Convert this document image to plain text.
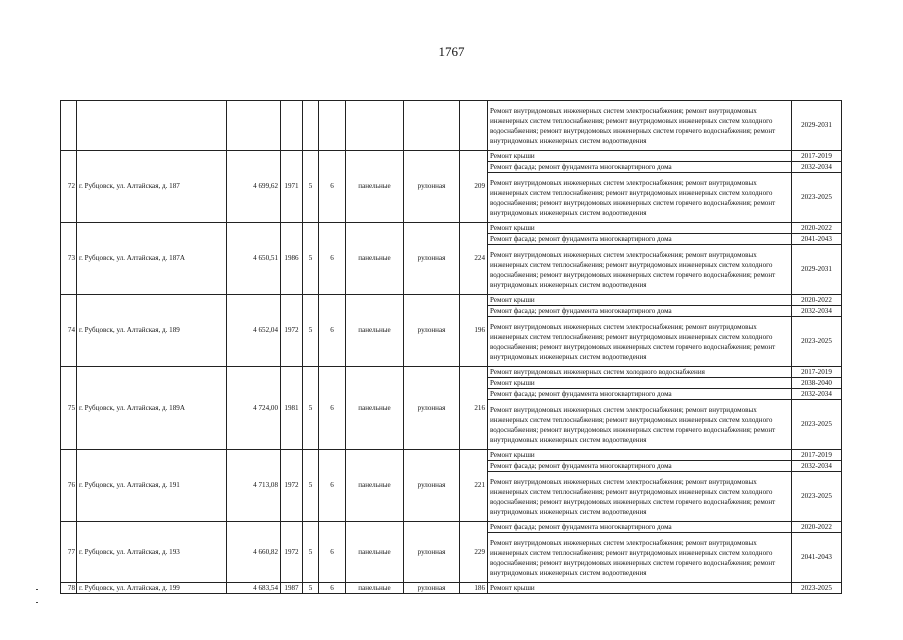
1767
									Ремонт внутридомовых инженерных систем электроснабжения; ремонт внутридомовых инженерных систем теплоснабжения; ремонт внутридомовых инженерных систем холодного водоснабжения; ремонт внутридомовых инженерных систем горячего водоснабжения; ремонт внутридомовых инженерных систем водоотведения	2029-2031
72	г. Рубцовск, ул. Алтайская, д. 187	4 699,62	1971	5	6	панельные	рулонная	209	Ремонт крыши	2017-2019
									Ремонт фасада; ремонт фундамента многоквартирного дома	2032-2034
									Ремонт внутридомовых инженерных систем электроснабжения; ремонт внутридомовых инженерных систем теплоснабжения; ремонт внутридомовых инженерных систем холодного водоснабжения; ремонт внутридомовых инженерных систем горячего водоснабжения; ремонт внутридомовых инженерных систем водоотведения	2023-2025
73	г. Рубцовск, ул. Алтайская, д. 187А	4 650,51	1986	5	6	панельные	рулонная	224	Ремонт крыши	2020-2022
									Ремонт фасада; ремонт фундамента многоквартирного дома	2041-2043
									Ремонт внутридомовых инженерных систем электроснабжения; ремонт внутридомовых инженерных систем теплоснабжения; ремонт внутридомовых инженерных систем холодного водоснабжения; ремонт внутридомовых инженерных систем горячего водоснабжения; ремонт внутридомовых инженерных систем водоотведения	2029-2031
74	г. Рубцовск, ул. Алтайская, д. 189	4 652,04	1972	5	6	панельные	рулонная	196	Ремонт крыши	2020-2022
									Ремонт фасада; ремонт фундамента многоквартирного дома	2032-2034
									Ремонт внутридомовых инженерных систем электроснабжения; ремонт внутридомовых инженерных систем теплоснабжения; ремонт внутридомовых инженерных систем холодного водоснабжения; ремонт внутридомовых инженерных систем горячего водоснабжения; ремонт внутридомовых инженерных систем водоотведения	2023-2025
75	г. Рубцовск, ул. Алтайская, д. 189А	4 724,00	1981	5	6	панельные	рулонная	216	Ремонт внутридомовых инженерных систем холодного водоснабжения	2017-2019
									Ремонт крыши	2038-2040
									Ремонт фасада; ремонт фундамента многоквартирного дома	2032-2034
									Ремонт внутридомовых инженерных систем электроснабжения; ремонт внутридомовых инженерных систем теплоснабжения; ремонт внутридомовых инженерных систем холодного водоснабжения; ремонт внутридомовых инженерных систем горячего водоснабжения; ремонт внутридомовых инженерных систем водоотведения	2023-2025
76	г. Рубцовск, ул. Алтайская, д. 191	4 713,08	1972	5	6	панельные	рулонная	221	Ремонт крыши	2017-2019
									Ремонт фасада; ремонт фундамента многоквартирного дома	2032-2034
									Ремонт внутридомовых инженерных систем электроснабжения; ремонт внутридомовых инженерных систем теплоснабжения; ремонт внутридомовых инженерных систем холодного водоснабжения; ремонт внутридомовых инженерных систем горячего водоснабжения; ремонт внутридомовых инженерных систем водоотведения	2023-2025
77	г. Рубцовск, ул. Алтайская, д. 193	4 660,82	1972	5	6	панельные	рулонная	229	Ремонт фасада; ремонт фундамента многоквартирного дома	2020-2022
									Ремонт внутридомовых инженерных систем электроснабжения; ремонт внутридомовых инженерных систем теплоснабжения; ремонт внутридомовых инженерных систем холодного водоснабжения; ремонт внутридомовых инженерных систем горячего водоснабжения; ремонт внутридомовых инженерных систем водоотведения	2041-2043
78	г. Рубцовск, ул. Алтайская, д. 199	4 683,54	1987	5	6	панельные	рулонная	186	Ремонт крыши	2023-2025
